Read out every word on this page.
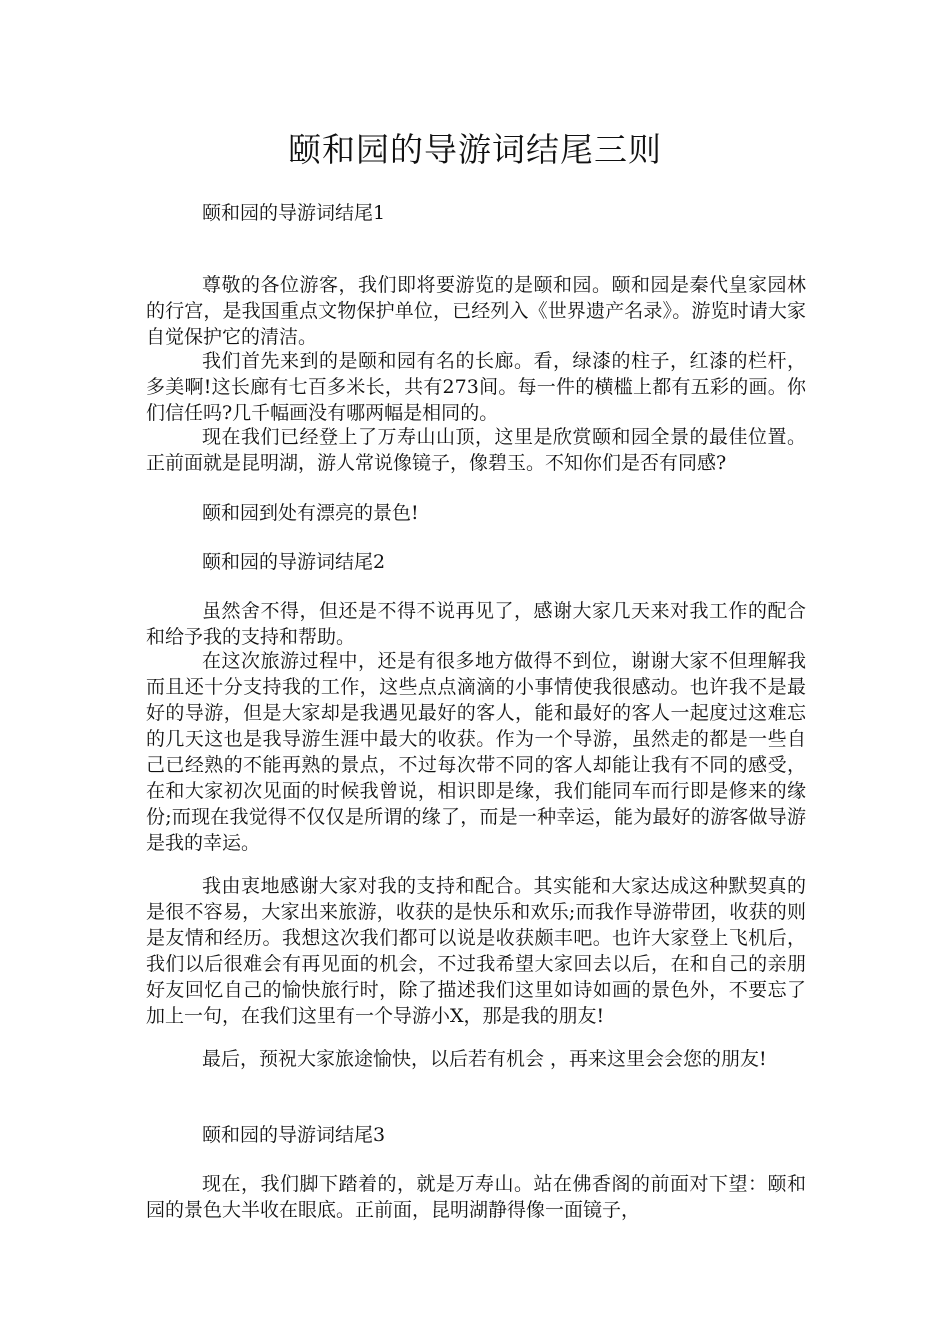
颐和园的导游词结尾三则
颐和园的导游词结尾1

尊敬的各位游客，我们即将要游览的是颐和园。颐和园是秦代皇家园林的行宫，是我国重点文物保护单位，已经列入《世界遗产名录》。游览时请大家自觉保护它的清洁。

我们首先来到的是颐和园有名的长廊。看，绿漆的柱子，红漆的栏杆，多美啊!这长廊有七百多米长，共有273间。每一件的横槛上都有五彩的画。你们信任吗?几千幅画没有哪两幅是相同的。

现在我们已经登上了万寿山山顶，这里是欣赏颐和园全景的最佳位置。正前面就是昆明湖，游人常说像镜子，像碧玉。不知你们是否有同感?

颐和园到处有漂亮的景色!

颐和园的导游词结尾2

虽然舍不得，但还是不得不说再见了，感谢大家几天来对我工作的配合和给予我的支持和帮助。

在这次旅游过程中，还是有很多地方做得不到位，谢谢大家不但理解我而且还十分支持我的工作，这些点点滴滴的小事情使我很感动。也许我不是最好的导游，但是大家却是我遇见最好的客人，能和最好的客人一起度过这难忘的几天这也是我导游生涯中最大的收获。作为一个导游，虽然走的都是一些自己已经熟的不能再熟的景点，不过每次带不同的客人却能让我有不同的感受，在和大家初次见面的时候我曾说，相识即是缘，我们能同车而行即是修来的缘份;而现在我觉得不仅仅是所谓的缘了，而是一种幸运，能为最好的游客做导游是我的幸运。

我由衷地感谢大家对我的支持和配合。其实能和大家达成这种默契真的是很不容易，大家出来旅游，收获的是快乐和欢乐;而我作导游带团，收获的则是友情和经历。我想这次我们都可以说是收获颇丰吧。也许大家登上飞机后，我们以后很难会有再见面的机会，不过我希望大家回去以后，在和自己的亲朋好友回忆自己的愉快旅行时，除了描述我们这里如诗如画的景色外，不要忘了加上一句，在我们这里有一个导游小X，那是我的朋友!

最后，预祝大家旅途愉快，以后若有机会 ，再来这里会会您的朋友!

颐和园的导游词结尾3

现在，我们脚下踏着的，就是万寿山。站在佛香阁的前面对下望：颐和园的景色大半收在眼底。正前面，昆明湖静得像一面镜子，
